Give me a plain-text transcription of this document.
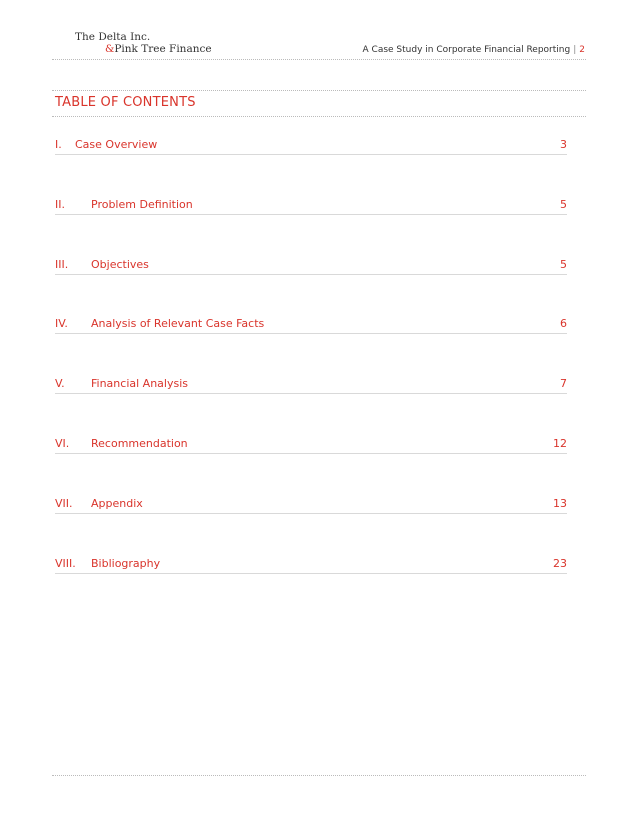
The Delta Inc.
&Pink Tree Finance	A Case Study in Corporate Financial Reporting | 2
TABLE OF CONTENTS
I. Case Overview	3
II. Problem Definition	5
III. Objectives	5
IV. Analysis of Relevant Case Facts	6
V. Financial Analysis	7
VI. Recommendation	12
VII. Appendix	13
VIII. Bibliography	23
